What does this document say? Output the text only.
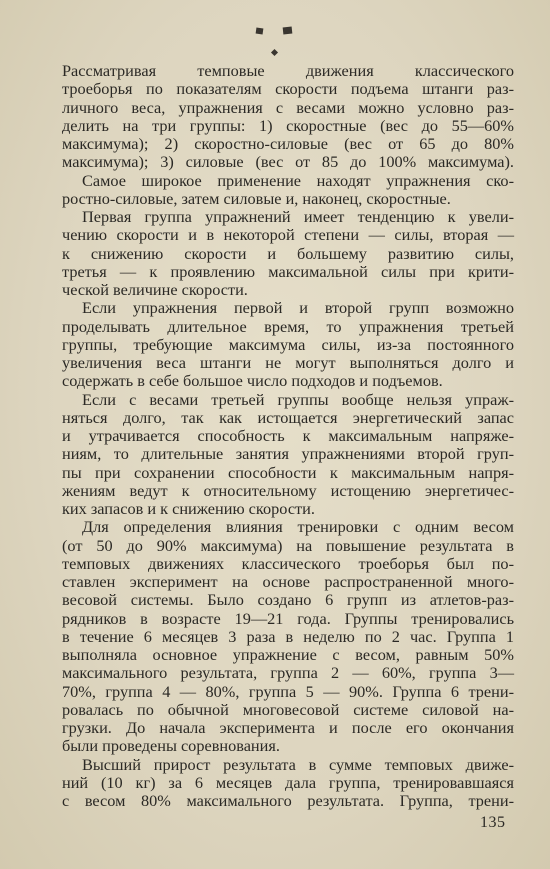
Рассматривая темповые движения классического
троеборья по показателям скорости подъема штанги раз-
личного веса, упражнения с весами можно условно раз-
делить на три группы: 1) скоростные (вес до 55—60%
максимума); 2) скоростно-силовые (вес от 65 до 80%
максимума); 3) силовые (вес от 85 до 100% максимума).
Самое широкое применение находят упражнения ско-
ростно-силовые, затем силовые и, наконец, скоростные.
Первая группа упражнений имеет тенденцию к увели-
чению скорости и в некоторой степени — силы, вторая —
к снижению скорости и большему развитию силы,
третья — к проявлению максимальной силы при крити-
ческой величине скорости.
Если упражнения первой и второй групп возможно
проделывать длительное время, то упражнения третьей
группы, требующие максимума силы, из-за постоянного
увеличения веса штанги не могут выполняться долго и
содержать в себе большое число подходов и подъемов.
Если с весами третьей группы вообще нельзя упраж-
няться долго, так как истощается энергетический запас
и утрачивается способность к максимальным напряже-
ниям, то длительные занятия упражнениями второй груп-
пы при сохранении способности к максимальным напря-
жениям ведут к относительному истощению энергетичес-
ких запасов и к снижению скорости.
Для определения влияния тренировки с одним весом
(от 50 до 90% максимума) на повышение результата в
темповых движениях классического троеборья был по-
ставлен эксперимент на основе распространенной много-
весовой системы. Было создано 6 групп из атлетов-раз-
рядников в возрасте 19—21 года. Группы тренировались
в течение 6 месяцев 3 раза в неделю по 2 час. Группа 1
выполняла основное упражнение с весом, равным 50%
максимального результата, группа 2 — 60%, группа 3—
70%, группа 4 — 80%, группа 5 — 90%. Группа 6 трени-
ровалась по обычной многовесовой системе силовой на-
грузки. До начала эксперимента и после его окончания
были проведены соревнования.
Высший прирост результата в сумме темповых движе-
ний (10 кг) за 6 месяцев дала группа, тренировавшаяся
с весом 80% максимального результата. Группа, трени-
135
